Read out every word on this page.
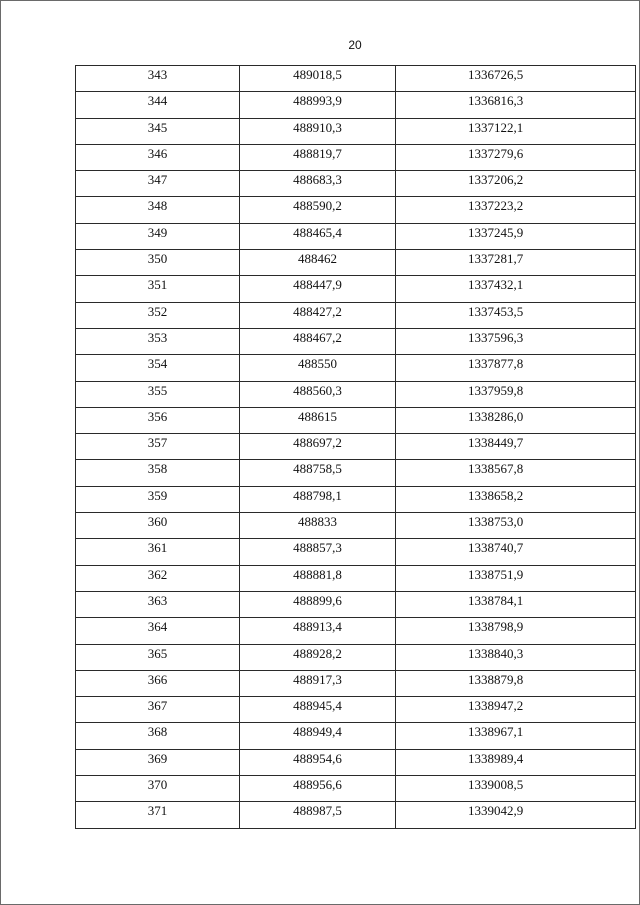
20
343	489018,5	1336726,5
344	488993,9	1336816,3
345	488910,3	1337122,1
346	488819,7	1337279,6
347	488683,3	1337206,2
348	488590,2	1337223,2
349	488465,4	1337245,9
350	488462	1337281,7
351	488447,9	1337432,1
352	488427,2	1337453,5
353	488467,2	1337596,3
354	488550	1337877,8
355	488560,3	1337959,8
356	488615	1338286,0
357	488697,2	1338449,7
358	488758,5	1338567,8
359	488798,1	1338658,2
360	488833	1338753,0
361	488857,3	1338740,7
362	488881,8	1338751,9
363	488899,6	1338784,1
364	488913,4	1338798,9
365	488928,2	1338840,3
366	488917,3	1338879,8
367	488945,4	1338947,2
368	488949,4	1338967,1
369	488954,6	1338989,4
370	488956,6	1339008,5
371	488987,5	1339042,9
